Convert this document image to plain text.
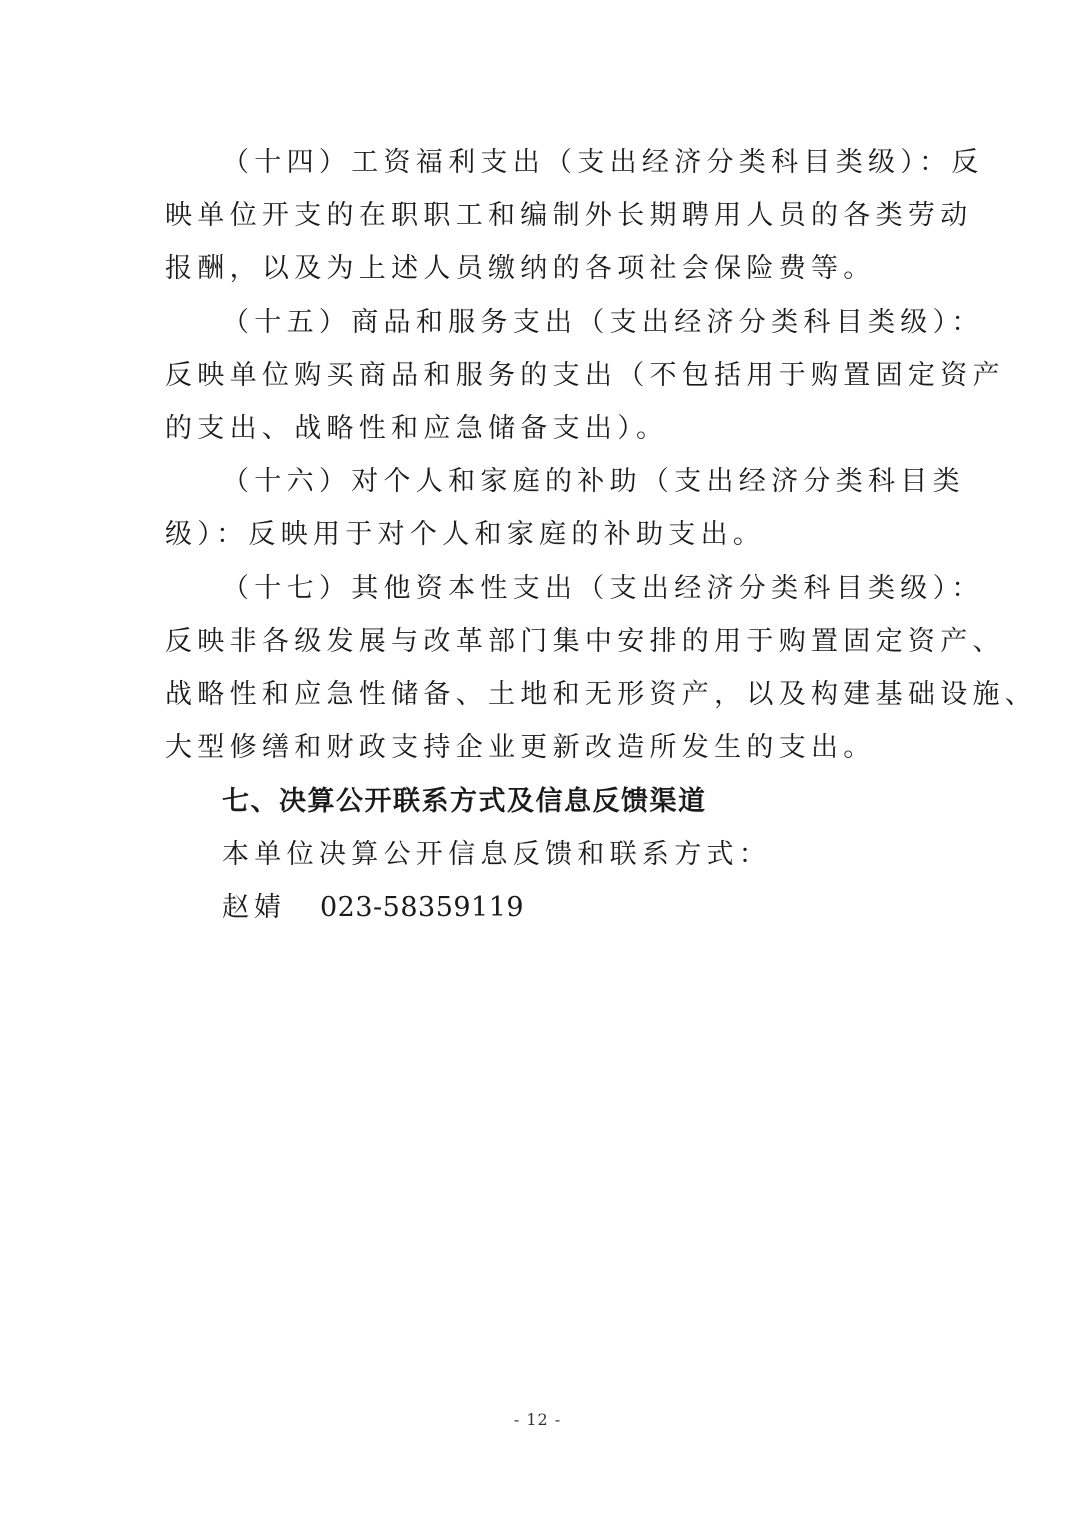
（十四）工资福利支出（支出经济分类科目类级）：反
映单位开支的在职职工和编制外长期聘用人员的各类劳动
报酬，以及为上述人员缴纳的各项社会保险费等。
（十五）商品和服务支出（支出经济分类科目类级）：
反映单位购买商品和服务的支出（不包括用于购置固定资产
的支出、战略性和应急储备支出）。
（十六）对个人和家庭的补助（支出经济分类科目类
级）：反映用于对个人和家庭的补助支出。
（十七）其他资本性支出（支出经济分类科目类级）：
反映非各级发展与改革部门集中安排的用于购置固定资产、
战略性和应急性储备、土地和无形资产，以及构建基础设施、
大型修缮和财政支持企业更新改造所发生的支出。
七、决算公开联系方式及信息反馈渠道
本单位决算公开信息反馈和联系方式：
赵婧 023-58359119
- 12 -
